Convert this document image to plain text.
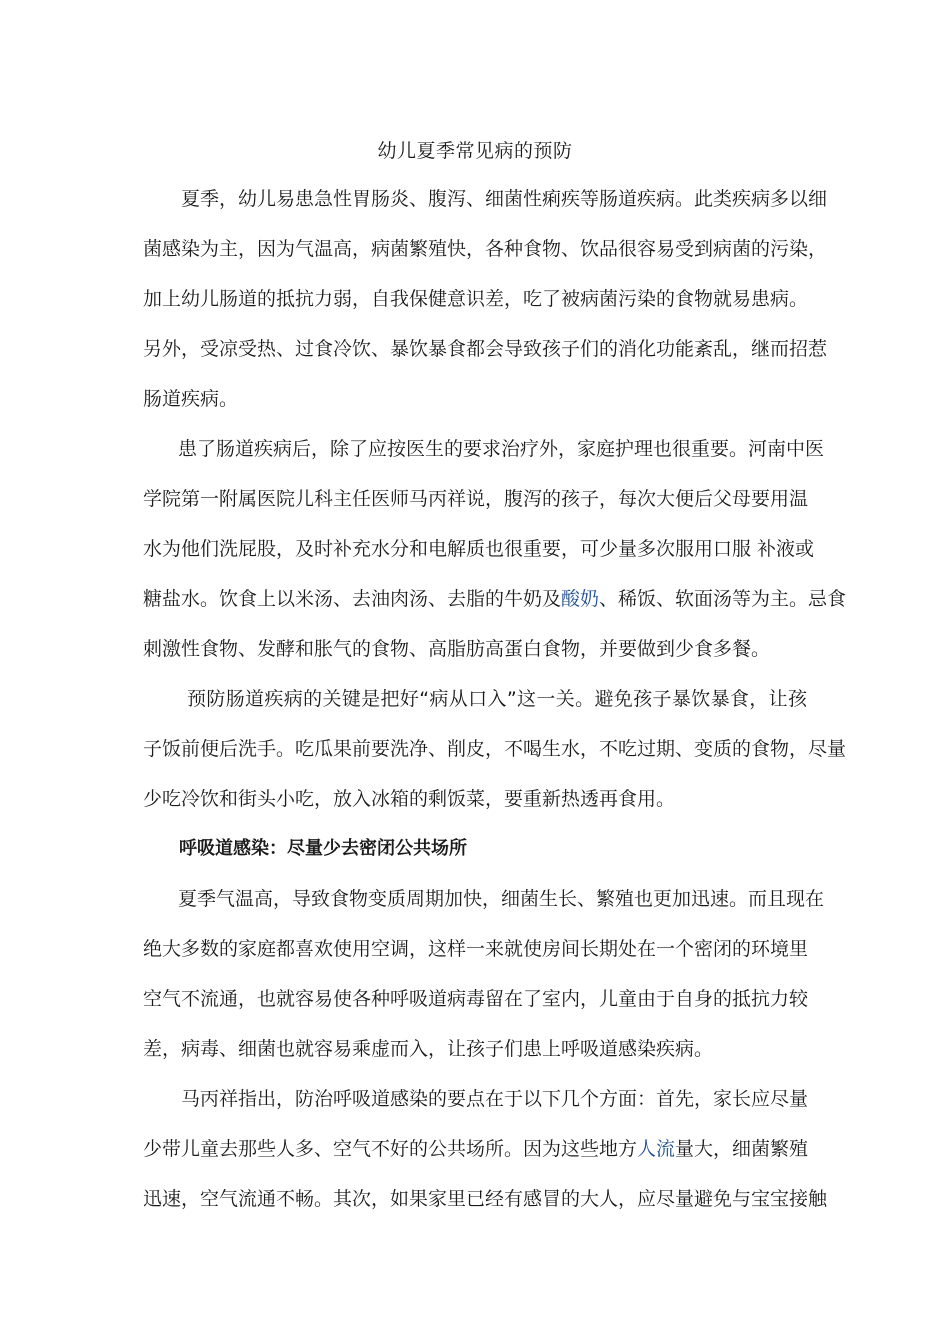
幼儿夏季常见病的预防
夏季，幼儿易患急性胃肠炎、腹泻、细菌性痢疾等肠道疾病。此类疾病多以细
菌感染为主，因为气温高，病菌繁殖快，各种食物、饮品很容易受到病菌的污染，
加上幼儿肠道的抵抗力弱，自我保健意识差，吃了被病菌污染的食物就易患病。
另外，受凉受热、过食冷饮、暴饮暴食都会导致孩子们的消化功能紊乱，继而招惹
肠道疾病。
患了肠道疾病后，除了应按医生的要求治疗外，家庭护理也很重要。河南中医
学院第一附属医院儿科主任医师马丙祥说，腹泻的孩子，每次大便后父母要用温
水为他们洗屁股，及时补充水分和电解质也很重要，可少量多次服用口服 补液或
糖盐水。饮食上以米汤、去油肉汤、去脂的牛奶及酸奶、稀饭、软面汤等为主。忌食
刺激性食物、发酵和胀气的食物、高脂肪高蛋白食物，并要做到少食多餐。
预防肠道疾病的关键是把好“病从口入”这一关。避免孩子暴饮暴食，让孩
子饭前便后洗手。吃瓜果前要洗净、削皮，不喝生水，不吃过期、变质的食物，尽量
少吃冷饮和街头小吃，放入冰箱的剩饭菜，要重新热透再食用。
呼吸道感染：尽量少去密闭公共场所
夏季气温高，导致食物变质周期加快，细菌生长、繁殖也更加迅速。而且现在
绝大多数的家庭都喜欢使用空调，这样一来就使房间长期处在一个密闭的环境里
空气不流通，也就容易使各种呼吸道病毒留在了室内，儿童由于自身的抵抗力较
差，病毒、细菌也就容易乘虚而入，让孩子们患上呼吸道感染疾病。
马丙祥指出，防治呼吸道感染的要点在于以下几个方面：首先，家长应尽量
少带儿童去那些人多、空气不好的公共场所。因为这些地方人流量大，细菌繁殖
迅速，空气流通不畅。其次，如果家里已经有感冒的大人，应尽量避免与宝宝接触
